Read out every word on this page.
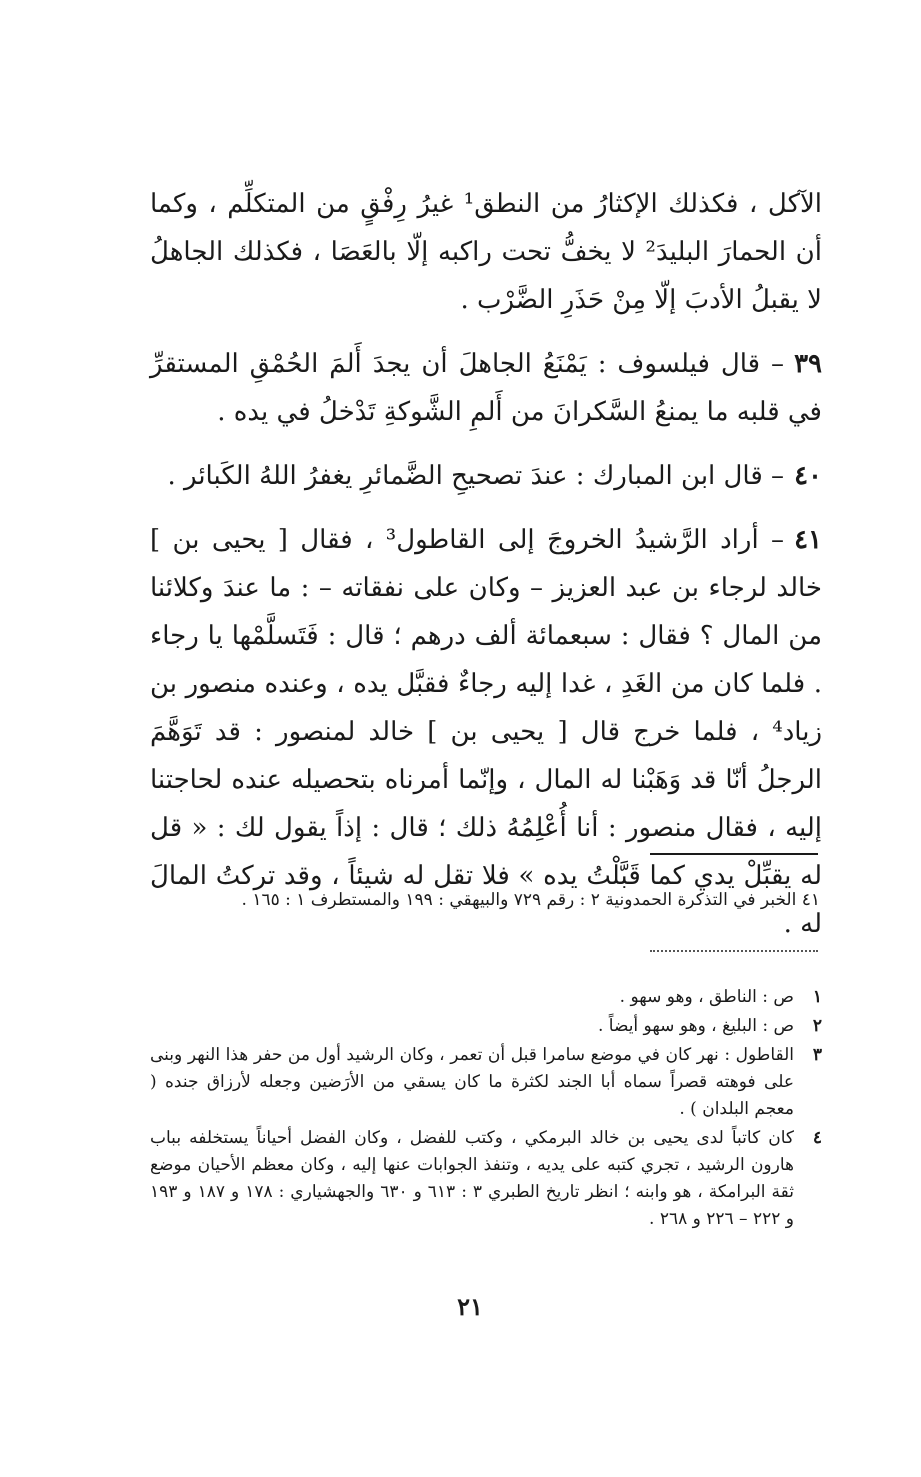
الآكل ، فكذلك الإكثارُ من النطق¹ غيرُ رِفْقٍ من المتكلِّم ، وكما أن الحمارَ البليدَ² لا يخفُّ تحت راكبه إلّا بالعَصَا ، فكذلك الجاهلُ لا يقبلُ الأدبَ إلّا مِنْ حَذَرِ الضَّرْب .

٣٩– قال فيلسوف : يَمْنَعُ الجاهلَ أن يجدَ أَلمَ الحُمْقِ المستقرِّ في قلبه ما يمنعُ السَّكرانَ من أَلمِ الشَّوكةِ تَدْخلُ في يده .

٤٠– قال ابن المبارك : عندَ تصحيحِ الضَّمائرِ يغفرُ اللهُ الكَبائر .

٤١– أراد الرَّشيدُ الخروجَ إلى القاطول³ ، فقال [ يحيى بن ] خالد لرجاء بن عبد العزيز – وكان على نفقاته – : ما عندَ وكلائنا من المال ؟ فقال : سبعمائة ألف درهم ؛ قال : فَتَسلَّمْها يا رجاء . فلما كان من الغَدِ ، غدا إليه رجاءٌ فقبَّل يده ، وعنده منصور بن زياد⁴ ، فلما خرج قال [ يحيى بن ] خالد لمنصور : قد تَوَهَّمَ الرجلُ أنّا قد وَهَبْنا له المال ، وإنّما أمرناه بتحصيله عنده لحاجتنا إليه ، فقال منصور : أنا أُعْلِمُهُ ذلك ؛ قال : إذاً يقول لك : « قل له يقبِّلْ يدي كما قَبَّلْتُ يده » فلا تقل له شيئاً ، وقد تركتُ المالَ له .

٤١ الخبر في التذكرة الحمدونية ٢ : رقم ٧٢٩ والبيهقي : ١٩٩ والمستطرف ١ : ١٦٥ .
١
ص : الناطق ، وهو سهو .
٢
ص : البليغ ، وهو سهو أيضاً .
٣
القاطول : نهر كان في موضع سامرا قبل أن تعمر ، وكان الرشيد أول من حفر هذا النهر وبنى على فوهته قصراً سماه أبا الجند لكثرة ما كان يسقي من الأرَضين وجعله لأرزاق جنده ( معجم البلدان ) .
٤
كان كاتباً لدى يحيى بن خالد البرمكي ، وكتب للفضل ، وكان الفضل أحياناً يستخلفه بباب هارون الرشيد ، تجري كتبه على يديه ، وتنفذ الجوابات عنها إليه ، وكان معظم الأحيان موضع ثقة البرامكة ، هو وابنه ؛ انظر تاريخ الطبري ٣ : ٦١٣ و ٦٣٠ والجهشياري : ١٧٨ و ١٨٧ و ١٩٣ و ٢٢٢ – ٢٢٦ و ٢٦٨ .
٢١
